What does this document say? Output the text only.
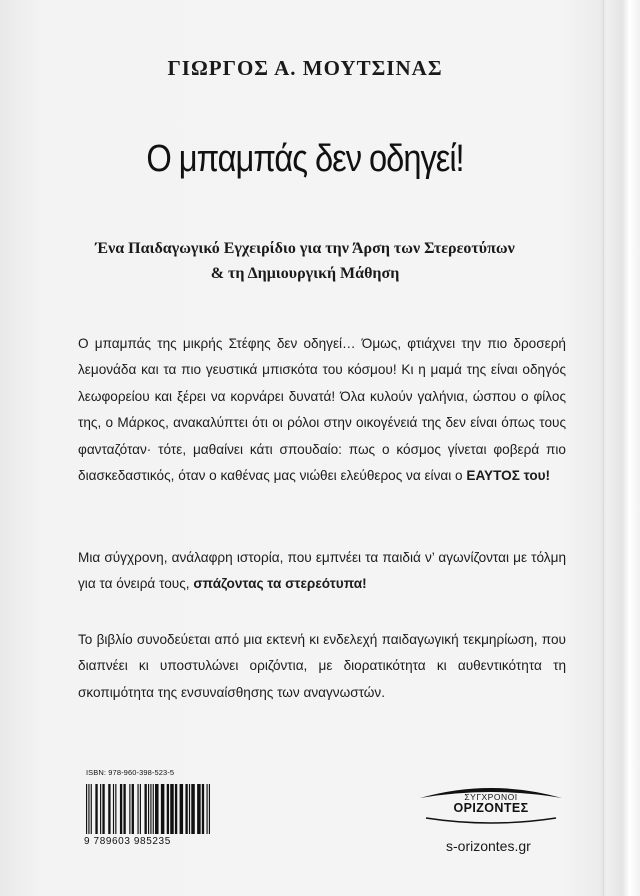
ΓΙΩΡΓΟΣ Α. ΜΟΥΤΣΙΝΑΣ
Ο μπαμπάς δεν οδηγεί!
Ένα Παιδαγωγικό Εγχειρίδιο για την Άρση των Στερεοτύπων
& τη Δημιουργική Μάθηση
Ο μπαμπάς της μικρής Στέφης δεν οδηγεί… Όμως, φτιάχνει την πιο δροσερή λεμονάδα και τα πιο γευστικά μπισκότα του κόσμου! Κι η μαμά της είναι οδηγός λεωφορείου και ξέρει να κορνάρει δυνατά! Όλα κυλούν γαλήνια, ώσπου ο φίλος της, ο Μάρκος, ανακαλύπτει ότι οι ρόλοι στην οικογένειά της δεν είναι όπως τους φανταζόταν· τότε, μαθαίνει κάτι σπουδαίο: πως ο κόσμος γίνεται φοβερά πιο διασκεδαστικός, όταν ο καθένας μας νιώθει ελεύθερος να είναι ο ΕΑΥΤΟΣ του!
Μια σύγχρονη, ανάλαφρη ιστορία, που εμπνέει τα παιδιά ν’ αγωνίζονται με τόλμη για τα όνειρά τους, σπάζοντας τα στερεότυπα!
Το βιβλίο συνοδεύεται από μια εκτενή κι ενδελεχή παιδαγωγική τεκμηρίωση, που διαπνέει κι υποστυλώνει οριζόντια, με διορατικότητα κι αυθεντικότητα τη σκοπιμότητα της ενσυναίσθησης των αναγνωστών.
ISBN: 978-960-398-523-5
9 789603 985235
ΣΥΓΧΡΟΝΟΙ
ΟΡΙΖΟΝΤΕΣ
s-orizontes.gr
